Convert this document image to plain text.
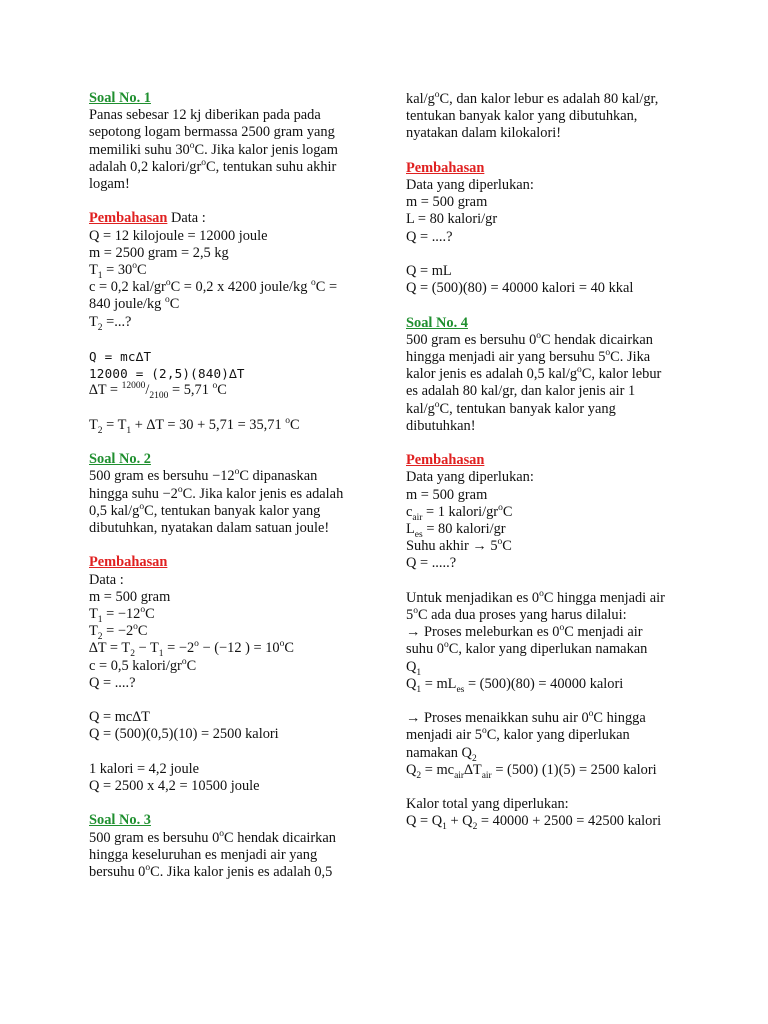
Soal No. 1
Panas sebesar 12 kj diberikan pada pada
sepotong logam bermassa 2500 gram yang
memiliki suhu 30$^o$C. Jika kalor jenis logam
adalah 0,2 kalori/$gr^oC$, tentukan suhu akhir
logam!
Pembahasan Data :
Q = 12 kilojoule = 12000 joule
m = 2500 gram = 2,5 kg
$T_1 = 30^oC$
c = 0,2 kal/$gr^oC = 0,2$ x 4200 joule/kg $^o$C =
840 joule/kg $^o$C
$T_2$ =...?
Q = mc∆T
12000 = (2,5)(840)∆T
$\Delta T = ^{12000}/_{2100} = 5,71$ $^o$C
$T_2 = T_1 + \Delta T = 30 + 5,71 = 35,71$ $^o$C
Soal No. 2
500 gram es bersuhu $-12^oC$ dipanaskan
hingga suhu $-2^oC$. Jika kalor jenis es adalah
0,5 kal/$g^oC$, tentukan banyak kalor yang
dibutuhkan, nyatakan dalam satuan joule!
Pembahasan
Data :
m = 500 gram
$T_1 = -12^oC$
$T_2 = -2^oC$
$\Delta T = T_2 - T_1 = -2^o - (-12$ ) = $10^oC$
c = 0,5 kalori/$gr^oC$
Q = ....?
Q = mc∆T
Q = (500)(0,5)(10) = 2500 kalori
1 kalori = 4,2 joule
Q = 2500 x 4,2 = 10500 joule
Soal No. 3
500 gram es bersuhu 0$^o$C hendak dicairkan
hingga keseluruhan es menjadi air yang
bersuhu 0$^o$C. Jika kalor jenis es adalah 0,5
kal/$g^oC$, dan kalor lebur es adalah 80 kal/gr,
tentukan banyak kalor yang dibutuhkan,
nyatakan dalam kilokalori!
Pembahasan
Data yang diperlukan:
m = 500 gram
L = 80 kalori/gr
Q = ....?
Q = mL
Q = (500)(80) = 40000 kalori = 40 kkal
Soal No. 4
500 gram es bersuhu 0$^o$C hendak dicairkan
hingga menjadi air yang bersuhu 5$^o$C. Jika
kalor jenis es adalah 0,5 kal/$g^oC$, kalor lebur
es adalah 80 kal/gr, dan kalor jenis air 1
kal/$g^oC$, tentukan banyak kalor yang
dibutuhkan!
Pembahasan
Data yang diperlukan:
m = 500 gram
$c_{air} = 1$ kalori/$gr^oC$
$L_{es} = 80$ kalori/gr
Suhu akhir → $5^oC$
Q = .....?
Untuk menjadikan es 0$^o$C hingga menjadi air
5$^o$C ada dua proses yang harus dilalui:
→ Proses meleburkan es 0$^o$C menjadi air
suhu 0$^o$C, kalor yang diperlukan namakan
$Q_1$
$Q_1 = mL_{es} = (500)(80) = 40000$ kalori
→ Proses menaikkan suhu air 0$^o$C hingga
menjadi air 5$^o$C, kalor yang diperlukan
namakan $Q_2$
$Q_2 = mc_{air}\Delta T_{air} = (500) (1)(5) = 2500$ kalori
Kalor total yang diperlukan:
$Q = Q_1 + Q_2 = 40000 + 2500 = 42500$ kalori
